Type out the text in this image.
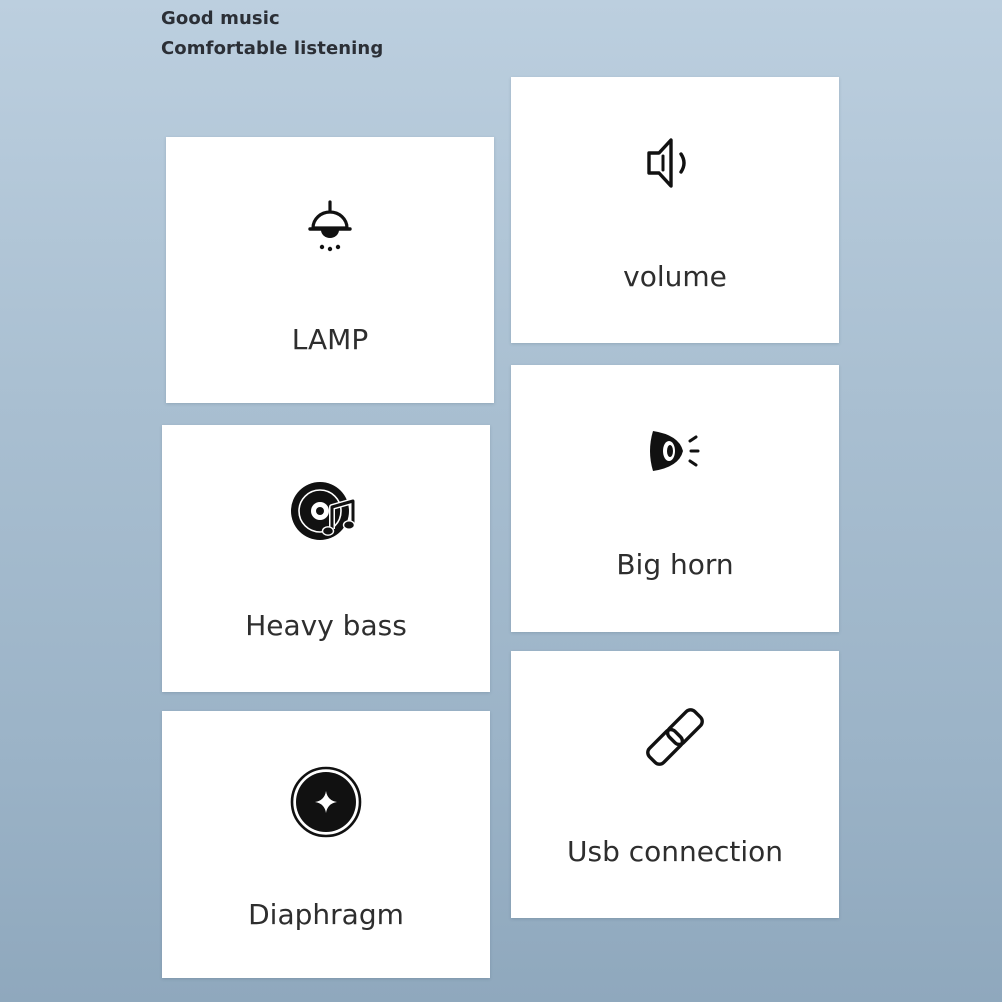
Good music
Comfortable listening
LAMP
Heavy bass
Diaphragm
volume
Big horn
Usb connection
